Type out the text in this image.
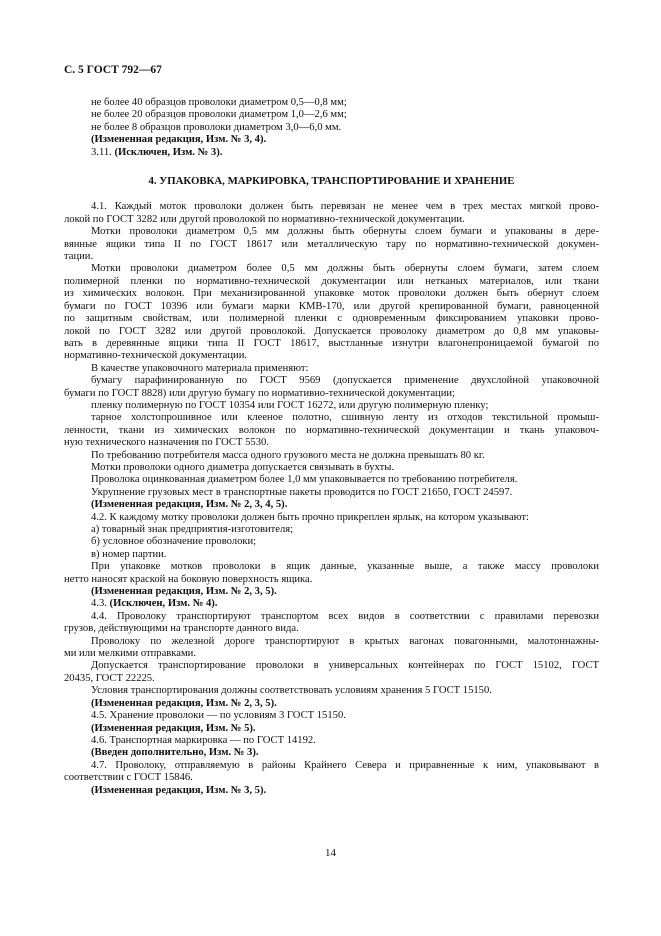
С. 5 ГОСТ 792—67
не более 40 образцов проволоки диаметром 0,5—0,8 мм;
не более 20 образцов проволоки диаметром 1,0—2,6 мм;
не более 8 образцов проволоки диаметром 3,0—6,0 мм.
(Измененная редакция, Изм. № 3, 4).
3.11. (Исключен, Изм. № 3).
4. УПАКОВКА, МАРКИРОВКА, ТРАНСПОРТИРОВАНИЕ И ХРАНЕНИЕ
4.1. Каждый моток проволоки должен быть перевязан не менее чем в трех местах мягкой прово-
локой по ГОСТ 3282 или другой проволокой по нормативно-технической документации.
Мотки проволоки диаметром 0,5 мм должны быть обернуты слоем бумаги и упакованы в дере-
вянные ящики типа II по ГОСТ 18617 или металлическую тару по нормативно-технической докумен-
тации.
Мотки проволоки диаметром более 0,5 мм должны быть обернуты слоем бумаги, затем слоем
полимерной пленки по нормативно-технической документации или нетканых материалов, или ткани
из химических волокон. При механизированной упаковке моток проволоки должен быть обернут слоем
бумаги по ГОСТ 10396 или бумаги марки КМВ-170, или другой крепированной бумаги, равноценной
по защитным свойствам, или полимерной пленки с одновременным фиксированием упаковки прово-
локой по ГОСТ 3282 или другой проволокой. Допускается проволоку диаметром до 0,8 мм упаковы-
вать в деревянные ящики типа II ГОСТ 18617, выстланные изнутри влагонепроницаемой бумагой по
нормативно-технической документации.
В качестве упаковочного материала применяют:
бумагу парафинированную по ГОСТ 9569 (допускается применение двухслойной упаковочной
бумаги по ГОСТ 8828) или другую бумагу по нормативно-технической документации;
пленку полимерную по ГОСТ 10354 или ГОСТ 16272, или другую полимерную пленку;
тарное холстопрошивное или клееное полотно, сшивную ленту из отходов текстильной промыш-
ленности, ткани из химических волокон по нормативно-технической документации и ткань упаковоч-
ную технического назначения по ГОСТ 5530.
По требованию потребителя масса одного грузового места не должна превышать 80 кг.
Мотки проволоки одного диаметра допускается связывать в бухты.
Проволока оцинкованная диаметром более 1,0 мм упаковывается по требованию потребителя.
Укрупнение грузовых мест в транспортные пакеты проводится по ГОСТ 21650, ГОСТ 24597.
(Измененная редакция, Изм. № 2, 3, 4, 5).
4.2. К каждому мотку проволоки должен быть прочно прикреплен ярлык, на котором указывают:
а) товарный знак предприятия-изготовителя;
б) условное обозначение проволоки;
в) номер партии.
При упаковке мотков проволоки в ящик данные, указанные выше, а также массу проволоки
нетто наносят краской на боковую поверхность ящика.
(Измененная редакция, Изм. № 2, 3, 5).
4.3. (Исключен, Изм. № 4).
4.4. Проволоку транспортируют транспортом всех видов в соответствии с правилами перевозки
грузов, действующими на транспорте данного вида.
Проволоку по железной дороге транспортируют в крытых вагонах повагонными, малотоннажны-
ми или мелкими отправками.
Допускается транспортирование проволоки в универсальных контейнерах по ГОСТ 15102, ГОСТ
20435, ГОСТ 22225.
Условия транспортирования должны соответствовать условиям хранения 5 ГОСТ 15150.
(Измененная редакция, Изм. № 2, 3, 5).
4.5. Хранение проволоки — по условиям 3 ГОСТ 15150.
(Измененная редакция, Изм. № 5).
4.6. Транспортная маркировка — по ГОСТ 14192.
(Введен дополнительно, Изм. № 3).
4.7. Проволоку, отправляемую в районы Крайнего Севера и приравненные к ним, упаковывают в
соответствии с ГОСТ 15846.
(Измененная редакция, Изм. № 3, 5).
14
